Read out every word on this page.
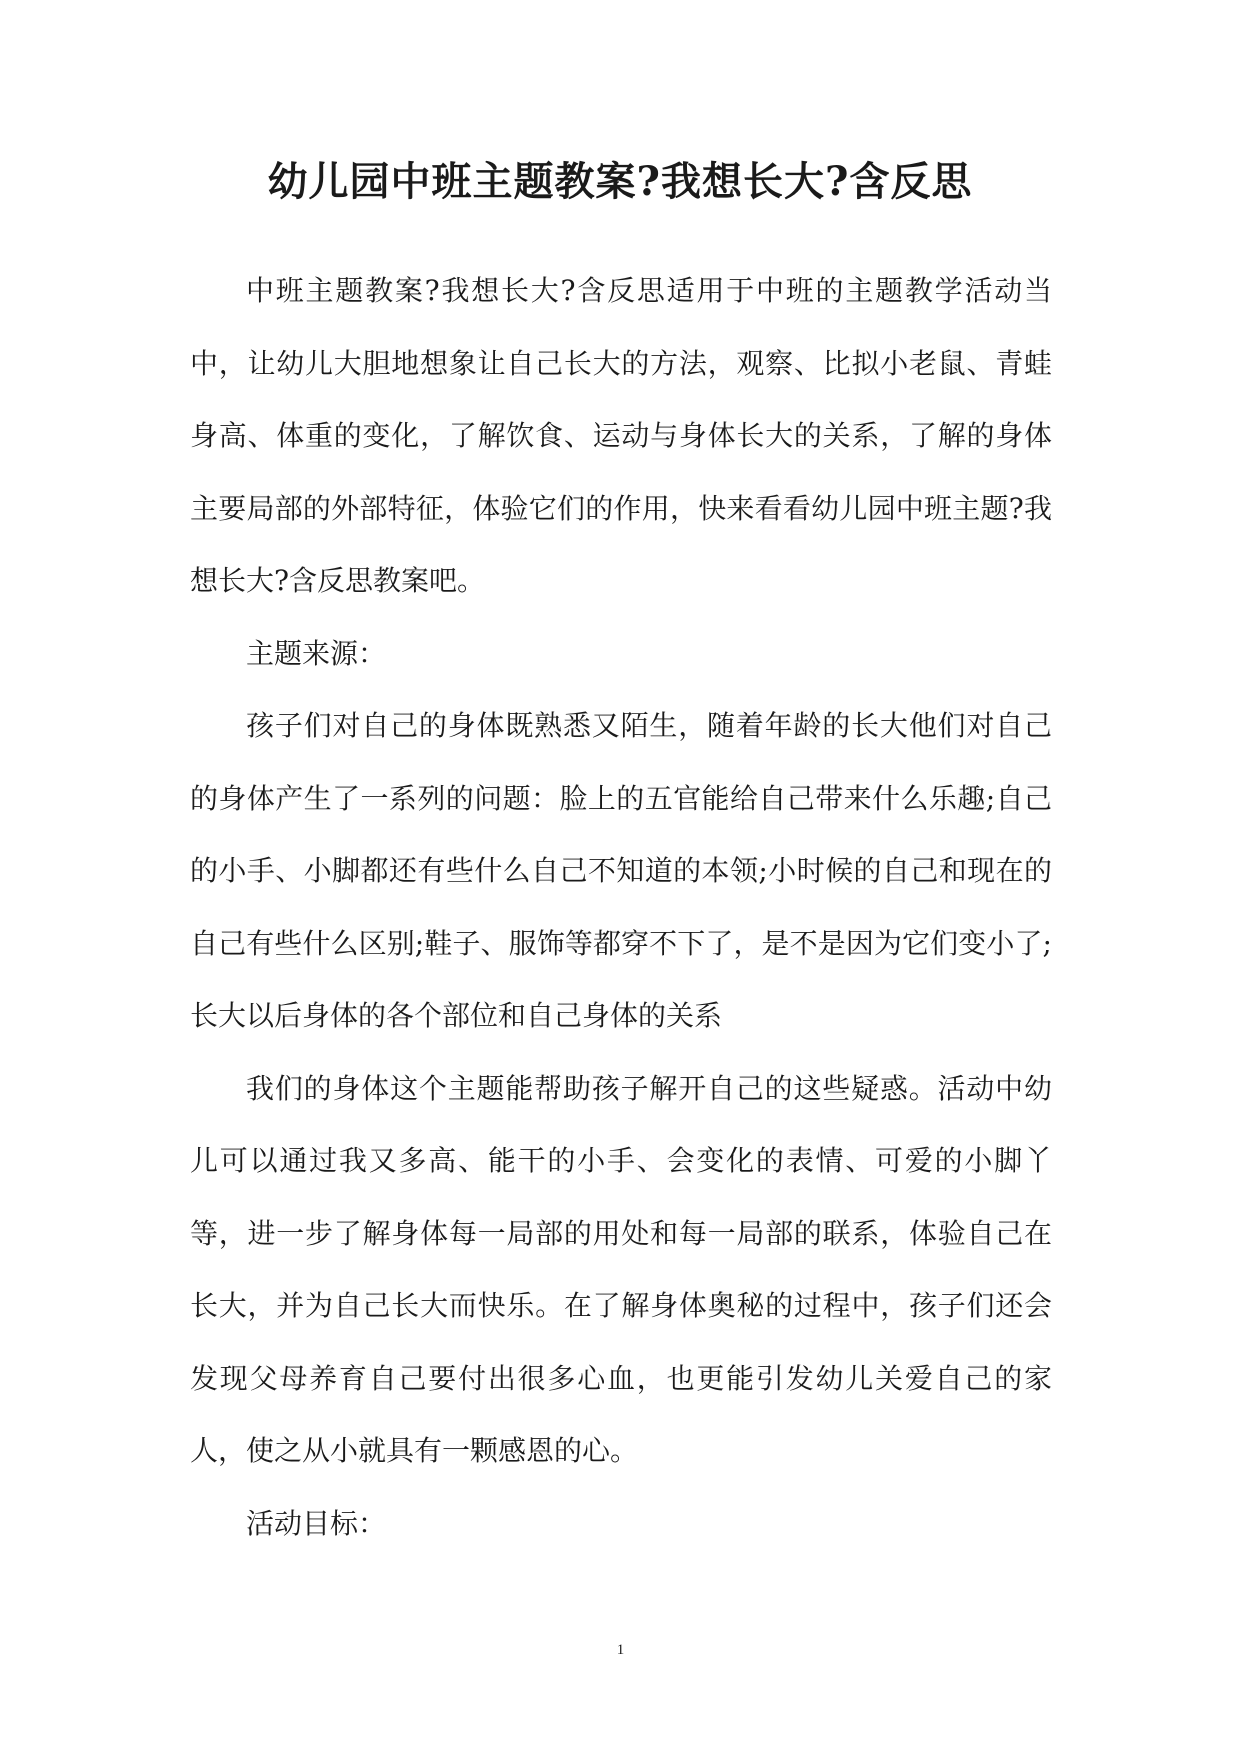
幼儿园中班主题教案?我想长大?含反思

中班主题教案?我想长大?含反思适用于中班的主题教学活动当中，让幼儿大胆地想象让自己长大的方法，观察、比拟小老鼠、青蛙身高、体重的变化，了解饮食、运动与身体长大的关系，了解的身体主要局部的外部特征，体验它们的作用，快来看看幼儿园中班主题?我想长大?含反思教案吧。

主题来源：

孩子们对自己的身体既熟悉又陌生，随着年龄的长大他们对自己的身体产生了一系列的问题：脸上的五官能给自己带来什么乐趣;自己的小手、小脚都还有些什么自己不知道的本领;小时候的自己和现在的自己有些什么区别;鞋子、服饰等都穿不下了，是不是因为它们变小了;长大以后身体的各个部位和自己身体的关系

我们的身体这个主题能帮助孩子解开自己的这些疑惑。活动中幼儿可以通过我又多高、能干的小手、会变化的表情、可爱的小脚丫等，进一步了解身体每一局部的用处和每一局部的联系，体验自己在长大，并为自己长大而快乐。在了解身体奥秘的过程中，孩子们还会发现父母养育自己要付出很多心血，也更能引发幼儿关爱自己的家人，使之从小就具有一颗感恩的心。

活动目标：

1
